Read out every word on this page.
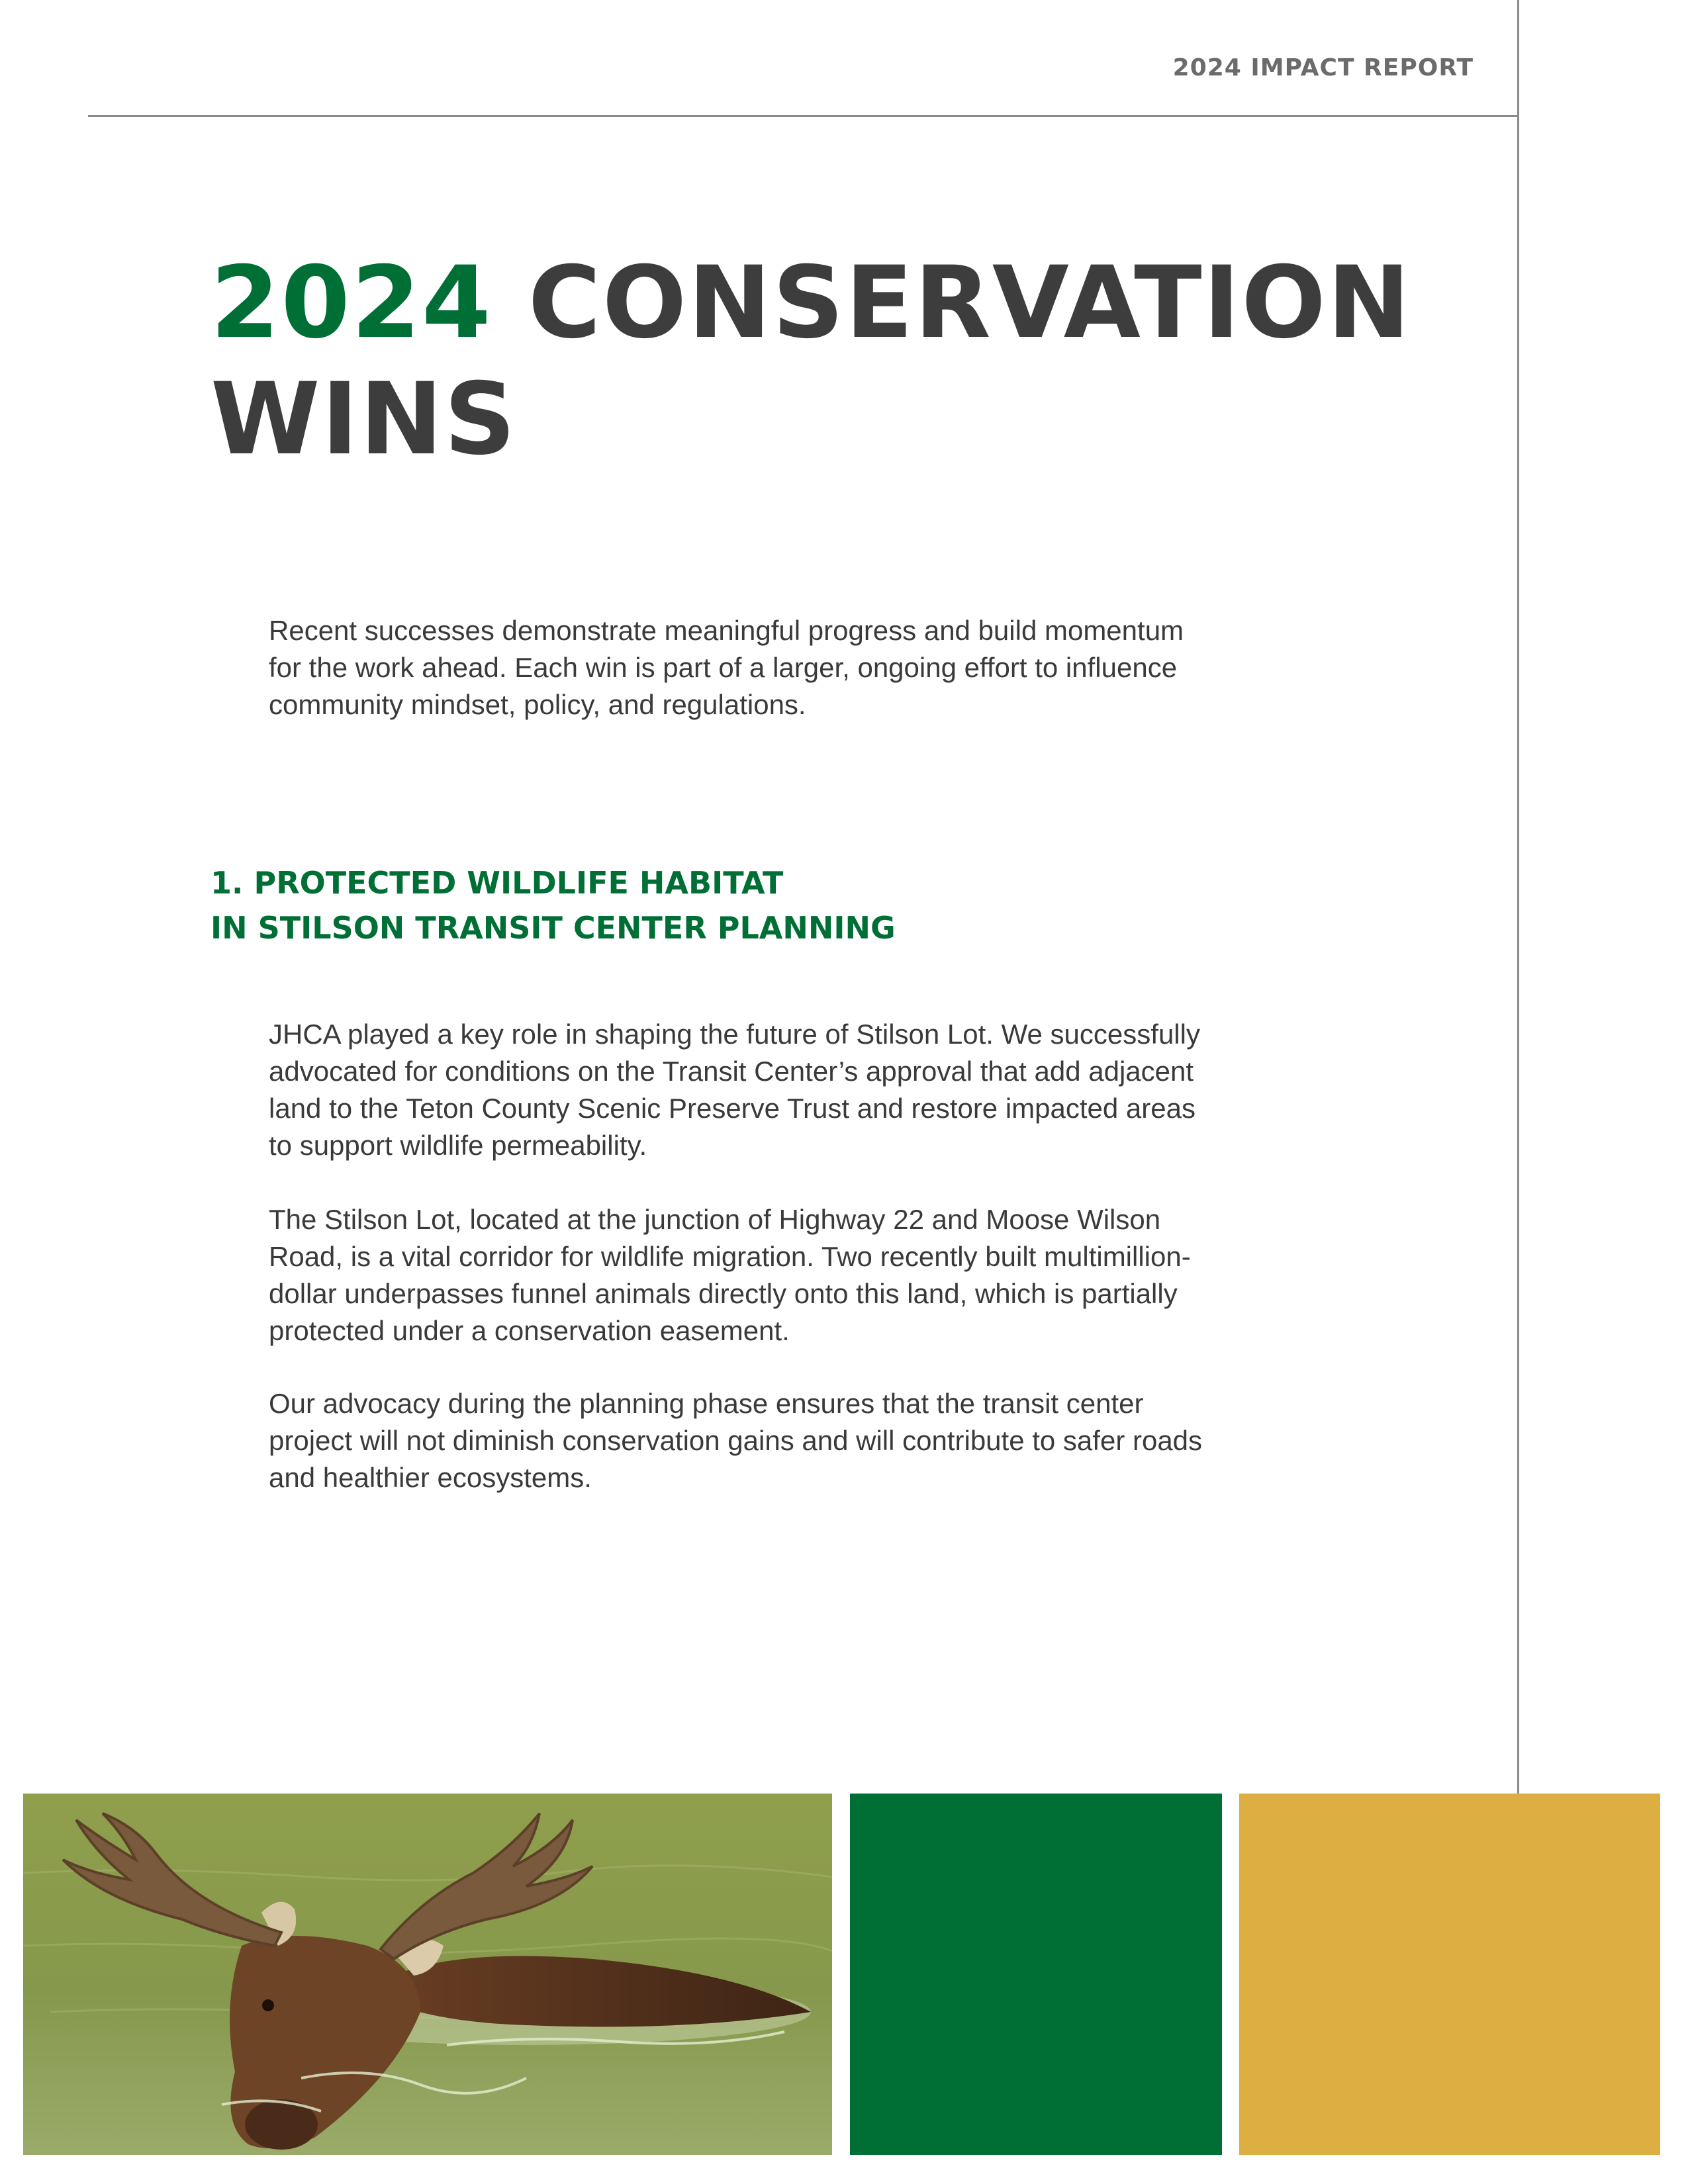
2024 IMPACT REPORT
2024 CONSERVATION
WINS

Recent successes demonstrate meaningful progress and build momentum for the work ahead. Each win is part of a larger, ongoing effort to influence community mindset, policy, and regulations.

1. PROTECTED WILDLIFE HABITAT
IN STILSON TRANSIT CENTER PLANNING

JHCA played a key role in shaping the future of Stilson Lot. We successfully advocated for conditions on the Transit Center’s approval that add adjacent land to the Teton County Scenic Preserve Trust and restore impacted areas to support wildlife permeability.

The Stilson Lot, located at the junction of Highway 22 and Moose Wilson Road, is a vital corridor for wildlife migration. Two recently built multimillion-dollar underpasses funnel animals directly onto this land, which is partially protected under a conservation easement.

Our advocacy during the planning phase ensures that the transit center project will not diminish conservation gains and will contribute to safer roads and healthier ecosystems.
